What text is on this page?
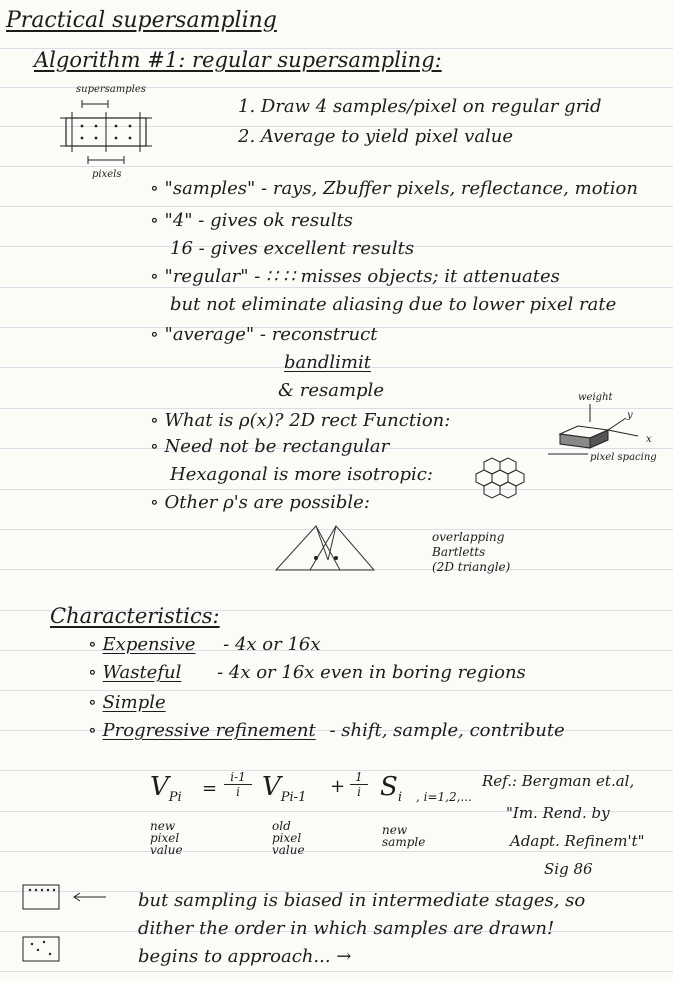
Practical supersampling
Algorithm #1: regular supersampling:
supersamples
pixels
1. Draw 4 samples/pixel on regular grid
2. Average to yield pixel value
∘ "samples" - rays, Zbuffer pixels, reflectance, motion
∘ "4" - gives ok results
16 - gives excellent results
∘ "regular" - ∷ ∷ misses objects; it attenuates
but not eliminate aliasing due to lower pixel rate
∘ "average" - reconstruct
bandlimit
& resample
∘ What is ρ(x)? 2D rect Function:
∘ Need not be rectangular
Hexagonal is more isotropic:
∘ Other ρ's are possible:
weight
y
x
pixel spacing
overlapping
Bartletts
(2D triangle)
Characteristics:
∘ Expensive - 4x or 16x
∘ Wasteful - 4x or 16x even in boring regions
∘ Simple
∘ Progressive refinement - shift, sample, contribute
$V_{Pi}$ =
i-1
i $V_{Pi-1}$
+ 1
i $S_i$ , i=1,2,...
new
pixel
value
old
pixel
value
new
sample
Ref.: Bergman et.al,
"Im. Rend. by
Adapt. Refinem't"
Sig 86
but sampling is biased in intermediate stages, so
dither the order in which samples are drawn!
begins to approach... →
